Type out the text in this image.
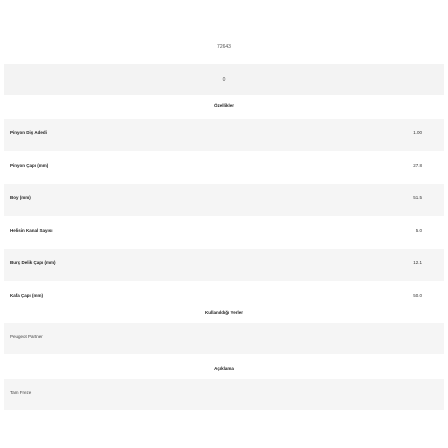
72643
0
Özellikler
Pinyon Diş Adedi	1.00
Pinyon Çapı (mm)	27.8
Boy (mm)	51.5
Helisin Kanal Sayısı	5.0
Burç Delik Çapı (mm)	12.1
Kafa Çapı (mm)	50.0
Kullanıldığı Yerler
Peugeot Partner
Açıklama
Tam Freze
